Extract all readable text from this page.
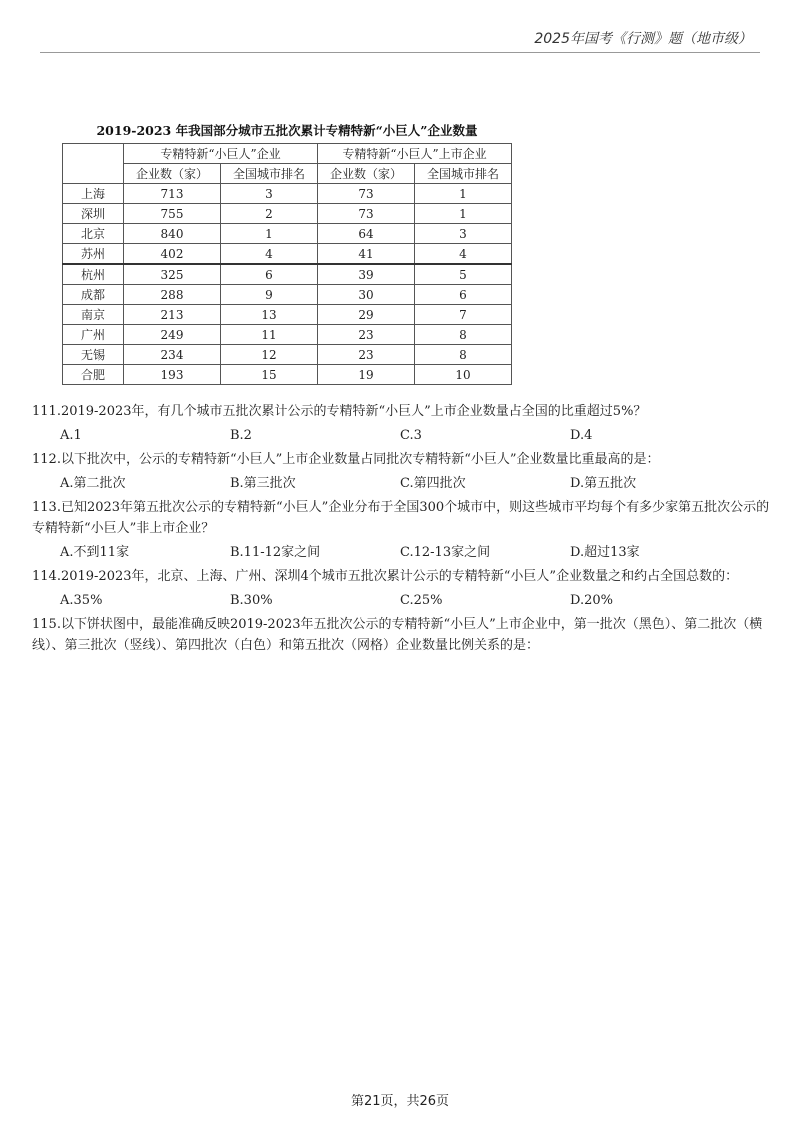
2025年国考《行测》题（地市级）
2019-2023 年我国部分城市五批次累计专精特新“小巨人”企业数量
	专精特新“小巨人”企业		专精特新“小巨人”上市企业	
	企业数（家）	全国城市排名	企业数（家）	全国城市排名
上海	713	3	73	1
深圳	755	2	73	1
北京	840	1	64	3
苏州	402	4	41	4
杭州	325	6	39	5
成都	288	9	30	6
南京	213	13	29	7
广州	249	11	23	8
无锡	234	12	23	8
合肥	193	15	19	10
111.2019-2023年，有几个城市五批次累计公示的专精特新“小巨人”上市企业数量占全国的比重超过5%？
A.1	B.2	C.3	D.4
112.以下批次中，公示的专精特新“小巨人”上市企业数量占同批次专精特新“小巨人”企业数量比重最高的是：
A.第二批次	B.第三批次	C.第四批次	D.第五批次
113.已知2023年第五批次公示的专精特新“小巨人”企业分布于全国300个城市中，则这些城市平均每个有多少家第五批次公示的专精特新“小巨人”非上市企业？
A.不到11家	B.11-12家之间	C.12-13家之间	D.超过13家
114.2019-2023年，北京、上海、广州、深圳4个城市五批次累计公示的专精特新“小巨人”企业数量之和约占全国总数的：
A.35%	B.30%	C.25%	D.20%
115.以下饼状图中，最能准确反映2019-2023年五批次公示的专精特新“小巨人”上市企业中，第一批次（黑色）、第二批次（横线）、第三批次（竖线）、第四批次（白色）和第五批次（网格）企业数量比例关系的是：
第21页，共26页
